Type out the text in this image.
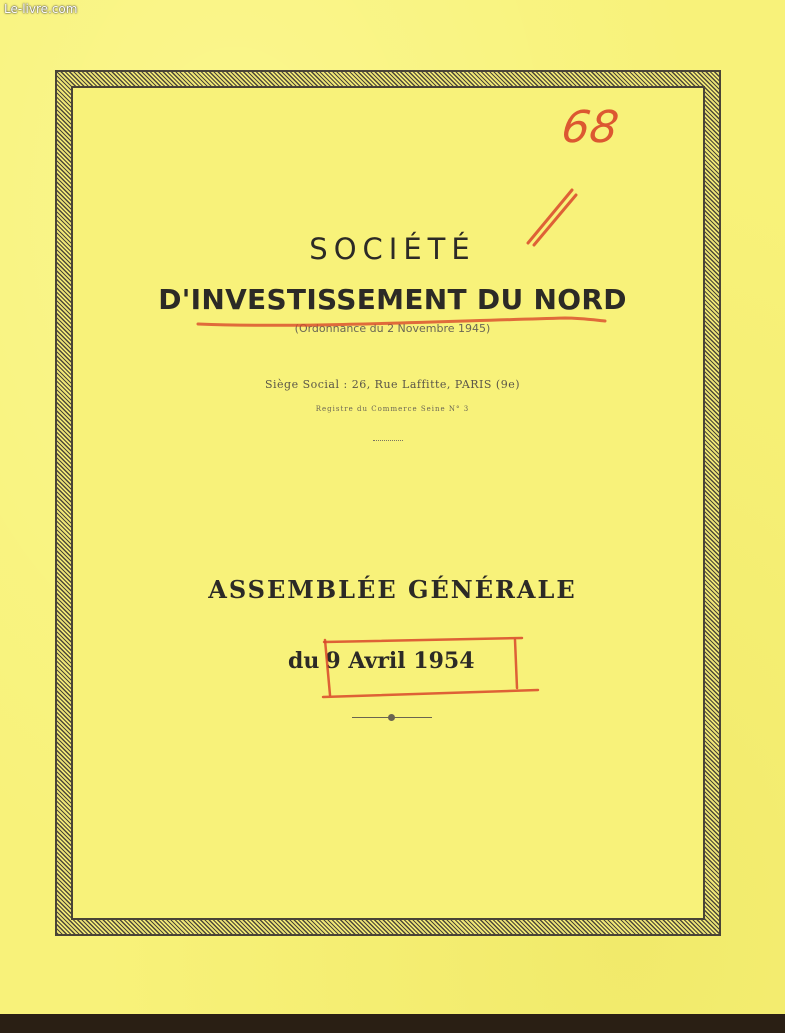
SOCIÉTÉ
D'INVESTISSEMENT DU NORD
(Ordonnance du 2 Novembre 1945)
Siège Social : 26, Rue Laffitte, PARIS (9e)
Registre du Commerce Seine N° 3
ASSEMBLÉE GÉNÉRALE
du 9 Avril 1954
68
Le-livre.com
